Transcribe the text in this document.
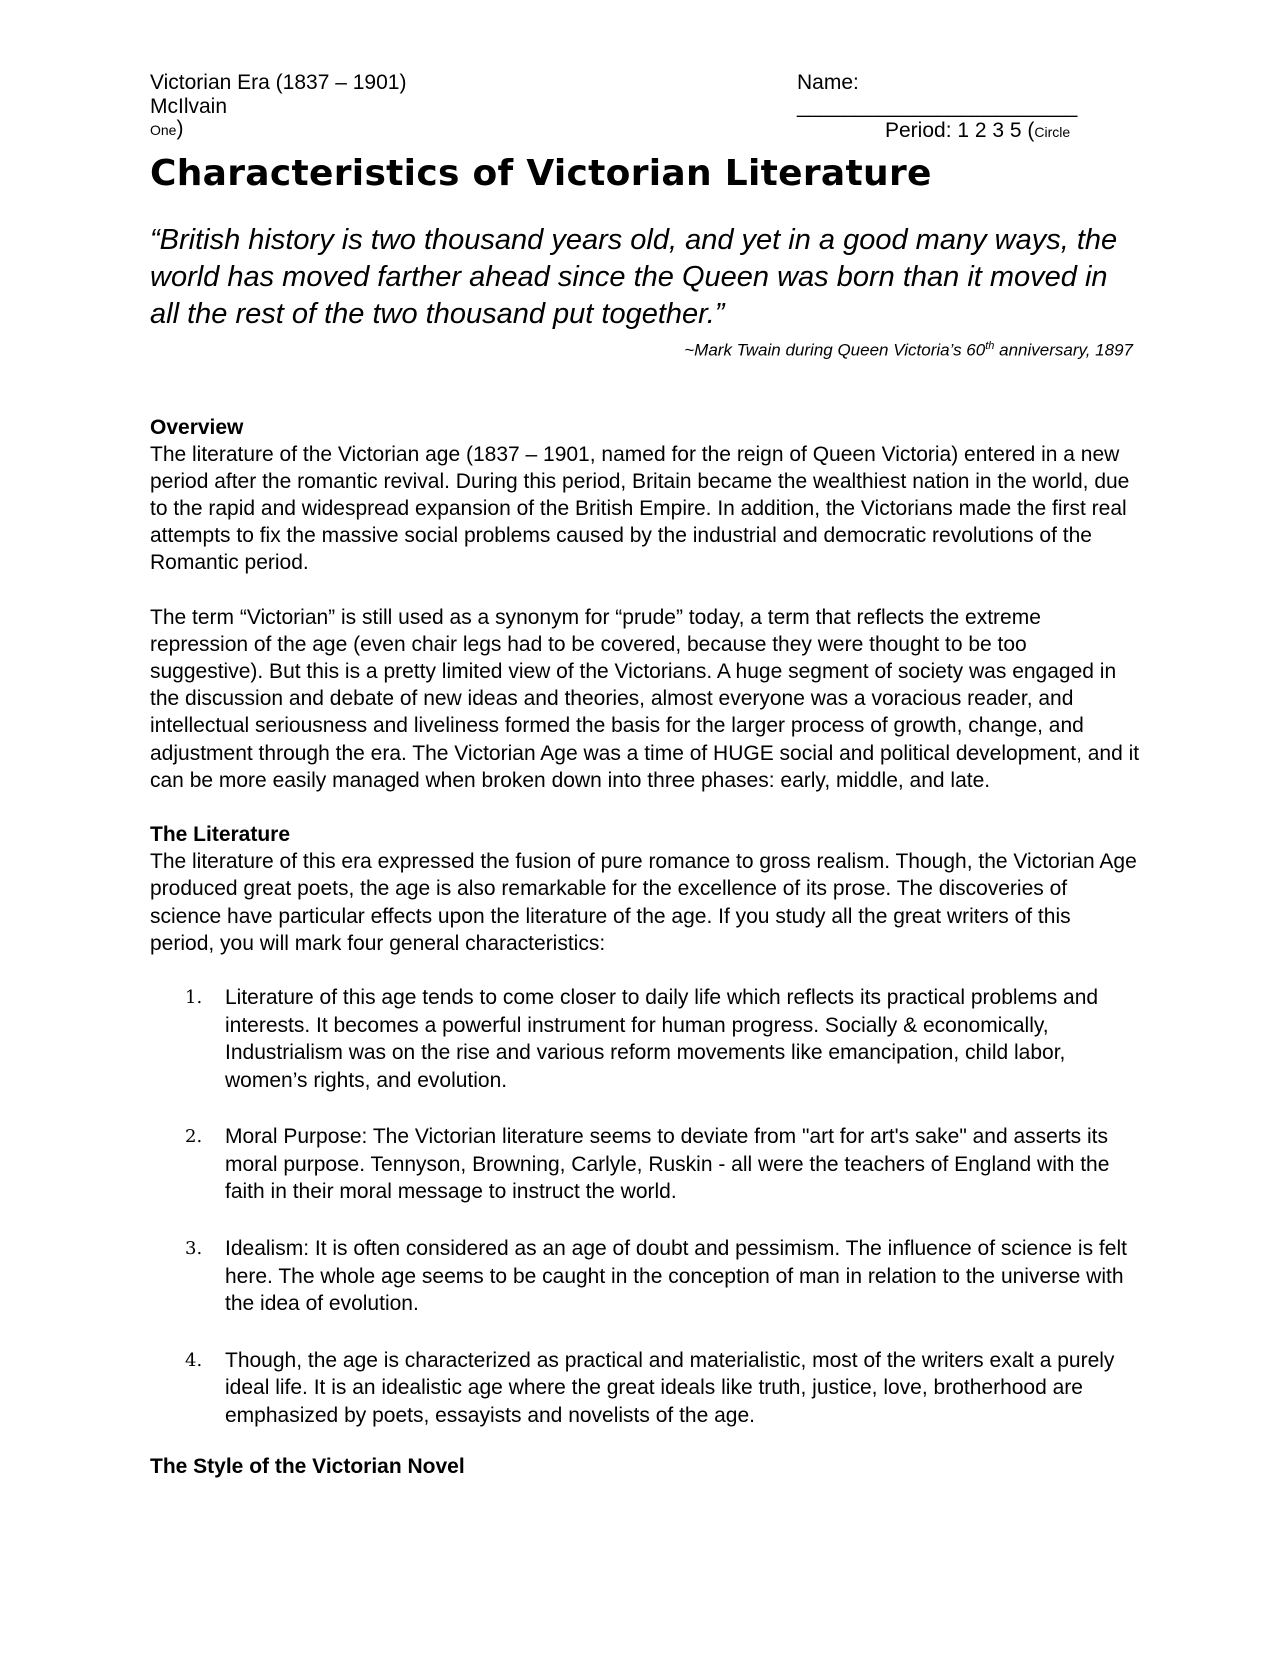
Victorian Era (1837 – 1901)
McIlvain
One)
Name: ________________________
Period: 1 2 3 5 (Circle
Characteristics of Victorian Literature
“British history is two thousand years old, and yet in a good many ways, the world has moved farther ahead since the Queen was born than it moved in all the rest of the two thousand put together.”
~Mark Twain during Queen Victoria’s 60th anniversary, 1897
Overview
The literature of the Victorian age (1837 – 1901, named for the reign of Queen Victoria) entered in a new period after the romantic revival. During this period, Britain became the wealthiest nation in the world, due to the rapid and widespread expansion of the British Empire. In addition, the Victorians made the first real attempts to fix the massive social problems caused by the industrial and democratic revolutions of the Romantic period.
The term “Victorian” is still used as a synonym for “prude” today, a term that reflects the extreme repression of the age (even chair legs had to be covered, because they were thought to be too suggestive). But this is a pretty limited view of the Victorians. A huge segment of society was engaged in the discussion and debate of new ideas and theories, almost everyone was a voracious reader, and intellectual seriousness and liveliness formed the basis for the larger process of growth, change, and adjustment through the era. The Victorian Age was a time of HUGE social and political development, and it can be more easily managed when broken down into three phases: early, middle, and late.
The Literature
The literature of this era expressed the fusion of pure romance to gross realism. Though, the Victorian Age produced great poets, the age is also remarkable for the excellence of its prose. The discoveries of science have particular effects upon the literature of the age. If you study all the great writers of this period, you will mark four general characteristics:
1.	Literature of this age tends to come closer to daily life which reflects its practical problems and interests. It becomes a powerful instrument for human progress. Socially & economically, Industrialism was on the rise and various reform movements like emancipation, child labor, women’s rights, and evolution.
2.	Moral Purpose: The Victorian literature seems to deviate from "art for art's sake" and asserts its moral purpose. Tennyson, Browning, Carlyle, Ruskin - all were the teachers of England with the faith in their moral message to instruct the world.
3.	Idealism: It is often considered as an age of doubt and pessimism. The influence of science is felt here. The whole age seems to be caught in the conception of man in relation to the universe with the idea of evolution.
4.	Though, the age is characterized as practical and materialistic, most of the writers exalt a purely ideal life. It is an idealistic age where the great ideals like truth, justice, love, brotherhood are emphasized by poets, essayists and novelists of the age.
The Style of the Victorian Novel
